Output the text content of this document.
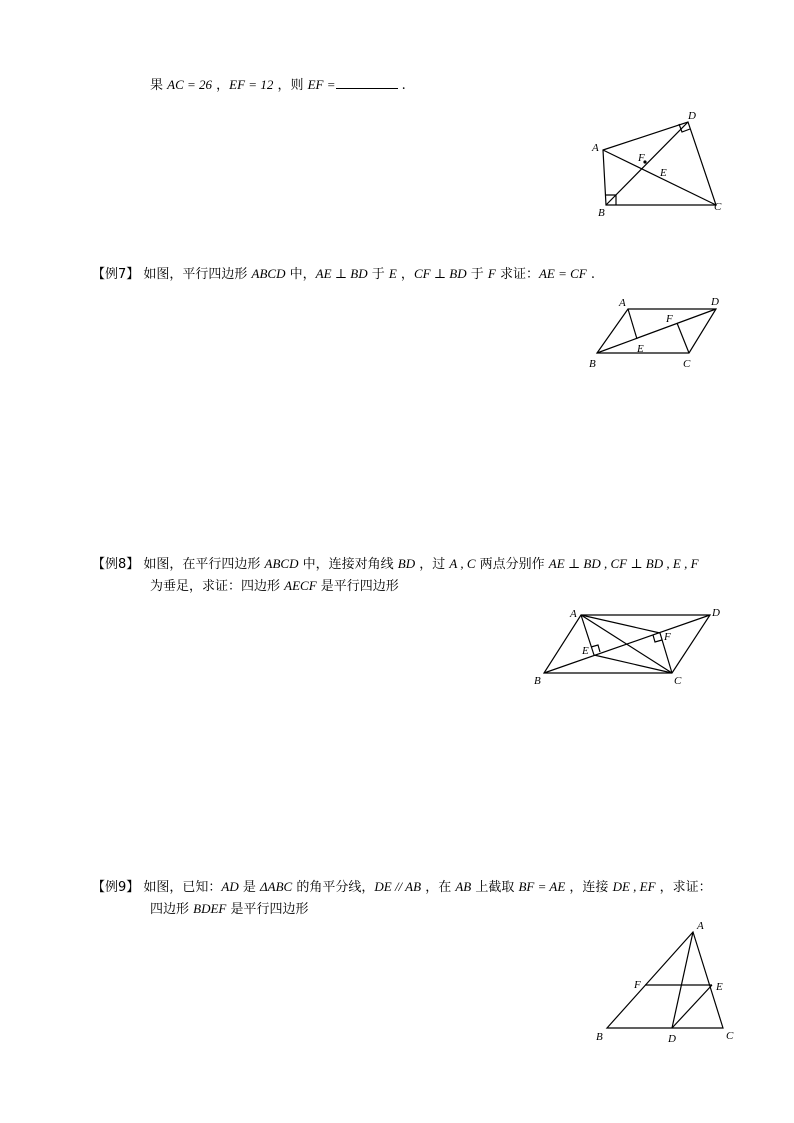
果 AC = 26 ，EF = 12 ，则 EF =	.
A
B	C
D
E
F
【例7】 如图，平行四边形 ABCD 中，AE ⊥ BD 于 E ，CF ⊥ BD 于 F 求证：AE = CF .
A
B	C
D
E
F
【例8】 如图，在平行四边形 ABCD 中，连接对角线 BD ，过 A , C 两点分别作 AE ⊥ BD , CF ⊥ BD , E , F
为垂足，求证：四边形 AECF 是平行四边形
A
B	C
D
E
F
【例9】 如图，已知：AD 是 ΔABC 的角平分线，DE // AB ，在 AB 上截取 BF = AE ，连接 DE , EF ，求证：
四边形 BDEF 是平行四边形
A
B	C
D
E
F
